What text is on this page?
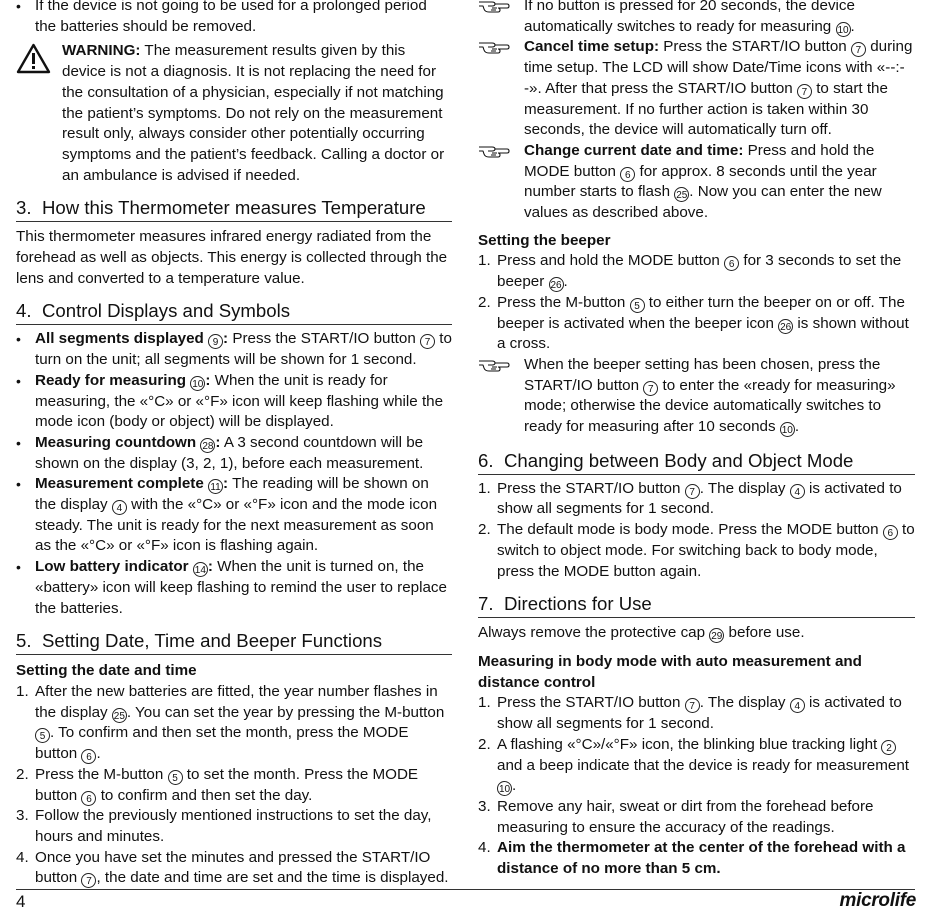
• If the device is not going to be used for a prolonged period the batteries should be removed.

WARNING: The measurement results given by this device is not a diagnosis. It is not replacing the need for the consultation of a physician, especially if not matching the patient’s symptoms. Do not rely on the measurement result only, always consider other potentially occurring symptoms and the patient’s feedback. Calling a doctor or an ambulance is advised if needed.

3. How this Thermometer measures Temperature

This thermometer measures infrared energy radiated from the forehead as well as objects. This energy is collected through the lens and converted to a temperature value.

4. Control Displays and Symbols

• All segments displayed 9 : Press the START/IO button 7 to turn on the unit; all segments will be shown for 1 second.

• Ready for measuring 10 : When the unit is ready for measuring, the «°C» or «°F» icon will keep flashing while the mode icon (body or object) will be displayed.

• Measuring countdown 28 : A 3 second countdown will be shown on the display (3, 2, 1), before each measurement.

• Measurement complete 11 : The reading will be shown on the display 4 with the «°C» or «°F» icon and the mode icon steady. The unit is ready for the next measurement as soon as the «°C» or «°F» icon is flashing again.

• Low battery indicator 14 : When the unit is turned on, the «battery» icon will keep flashing to remind the user to replace the batteries.

5. Setting Date, Time and Beeper Functions

Setting the date and time

1. After the new batteries are fitted, the year number flashes in the display 25 . You can set the year by pressing the M-button 5 . To confirm and then set the month, press the MODE button 6 .

2. Press the M-button 5 to set the month. Press the MODE button 6 to confirm and then set the day.

3. Follow the previously mentioned instructions to set the day, hours and minutes.

4. Once you have set the minutes and pressed the START/IO button 7 , the date and time are set and the time is displayed.

If no button is pressed for 20 seconds, the device automatically switches to ready for measuring 10 .

Cancel time setup: Press the START/IO button 7 during time setup. The LCD will show Date/Time icons with «--:--». After that press the START/IO button 7 to start the measurement. If no further action is taken within 30 seconds, the device will automatically turn off.

Change current date and time: Press and hold the MODE button 6 for approx. 8 seconds until the year number starts to flash 25 . Now you can enter the new values as described above.

Setting the beeper

1. Press and hold the MODE button 6 for 3 seconds to set the beeper 26 .

2. Press the M-button 5 to either turn the beeper on or off. The beeper is activated when the beeper icon 26 is shown without a cross.

When the beeper setting has been chosen, press the START/IO button 7 to enter the «ready for measuring» mode; otherwise the device automatically switches to ready for measuring after 10 seconds 10 .

6. Changing between Body and Object Mode

1. Press the START/IO button 7 . The display 4 is activated to show all segments for 1 second.

2. The default mode is body mode. Press the MODE button 6 to switch to object mode. For switching back to body mode, press the MODE button again.

7. Directions for Use

Always remove the protective cap 29 before use.

Measuring in body mode with auto measurement and distance control

1. Press the START/IO button 7 . The display 4 is activated to show all segments for 1 second.

2. A flashing «°C»/«°F» icon, the blinking blue tracking light 2 and a beep indicate that the device is ready for measurement 10 .

3. Remove any hair, sweat or dirt from the forehead before measuring to ensure the accuracy of the readings.

4. Aim the thermometer at the center of the forehead with a distance of no more than 5 cm.

4	microlife
